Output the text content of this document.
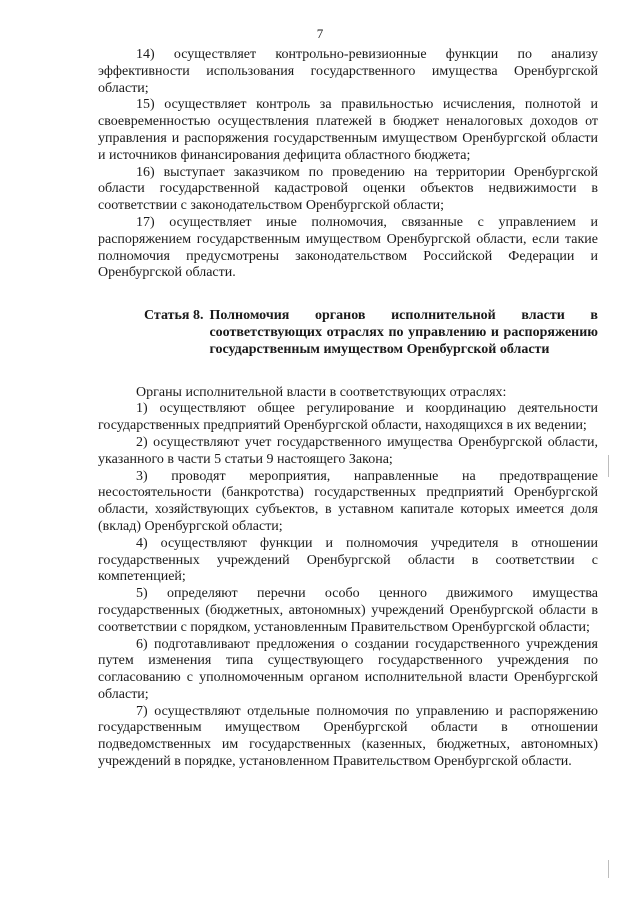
7

14) осуществляет контрольно-ревизионные функции по анализу эффективности использования государственного имущества Оренбургской области;

15) осуществляет контроль за правильностью исчисления, полнотой и своевременностью осуществления платежей в бюджет неналоговых доходов от управления и распоряжения государственным имуществом Оренбургской области и источников финансирования дефицита областного бюджета;

16) выступает заказчиком по проведению на территории Оренбургской области государственной кадастровой оценки объектов недвижимости в соответствии с законодательством Оренбургской области;

17) осуществляет иные полномочия, связанные с управлением и распоряжением государственным имуществом Оренбургской области, если такие полномочия предусмотрены законодательством Российской Федерации и Оренбургской области.

Статья 8. Полномочия органов исполнительной власти в соответствующих отраслях по управлению и распоряжению государственным имуществом Оренбургской области

Органы исполнительной власти в соответствующих отраслях:

1) осуществляют общее регулирование и координацию деятельности государственных предприятий Оренбургской области, находящихся в их ведении;

2) осуществляют учет государственного имущества Оренбургской области, указанного в части 5 статьи 9 настоящего Закона;

3) проводят мероприятия, направленные на предотвращение несостоятельности (банкротства) государственных предприятий Оренбургской области, хозяйствующих субъектов, в уставном капитале которых имеется доля (вклад) Оренбургской области;

4) осуществляют функции и полномочия учредителя в отношении государственных учреждений Оренбургской области в соответствии с компетенцией;

5) определяют перечни особо ценного движимого имущества государственных (бюджетных, автономных) учреждений Оренбургской области в соответствии с порядком, установленным Правительством Оренбургской области;

6) подготавливают предложения о создании государственного учреждения путем изменения типа существующего государственного учреждения по согласованию с уполномоченным органом исполнительной власти Оренбургской области;

7) осуществляют отдельные полномочия по управлению и распоряжению государственным имуществом Оренбургской области в отношении подведомственных им государственных (казенных, бюджетных, автономных) учреждений в порядке, установленном Правительством Оренбургской области.
